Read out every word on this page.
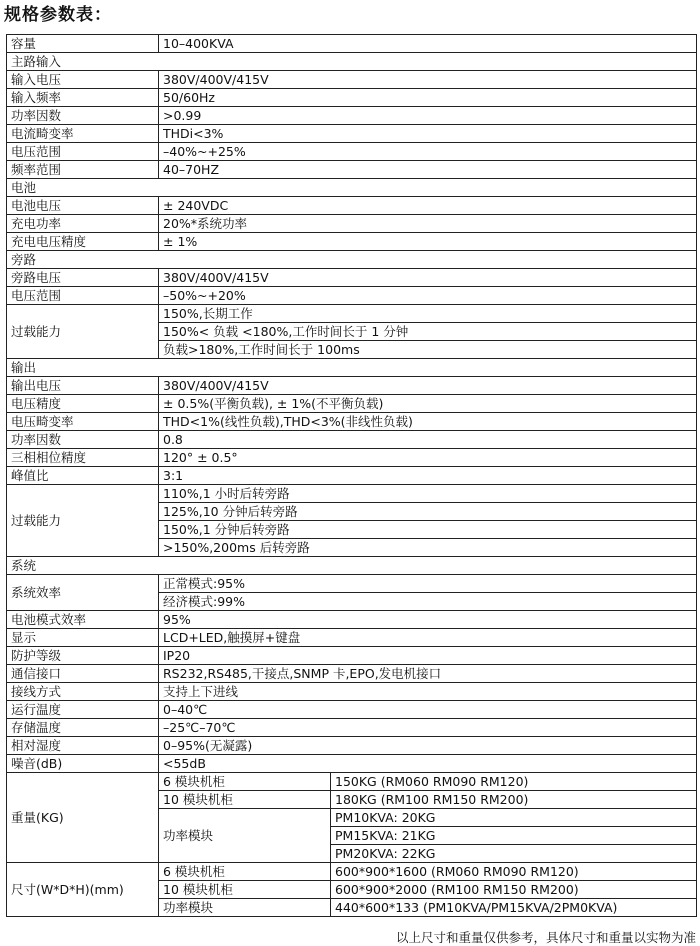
规格参数表：
容量	10–400KVA	
主路输入		
输入电压	380V/400V/415V	
输入频率	50/60Hz	
功率因数	>0.99	
电流畸变率	THDi<3%	
电压范围	–40%~+25%	
频率范围	40–70HZ	
电池		
电池电压	± 240VDC	
充电功率	20%*系统功率	
充电电压精度	± 1%	
旁路		
旁路电压	380V/400V/415V	
电压范围	–50%~+20%	
过载能力	150%,长期工作	
	150%< 负载 <180%,工作时间长于 1 分钟	
	负载>180%,工作时间长于 100ms	
输出		
输出电压	380V/400V/415V	
电压精度	± 0.5%(平衡负载), ± 1%(不平衡负载)	
电压畸变率	THD<1%(线性负载),THD<3%(非线性负载)	
功率因数	0.8	
三相相位精度	120° ± 0.5°	
峰值比	3:1	
过载能力	110%,1 小时后转旁路	
	125%,10 分钟后转旁路	
	150%,1 分钟后转旁路	
	>150%,200ms 后转旁路	
系统		
系统效率	正常模式:95%	
	经济模式:99%	
电池模式效率	95%	
显示	LCD+LED,触摸屏+键盘	
防护等级	IP20	
通信接口	RS232,RS485,干接点,SNMP 卡,EPO,发电机接口	
接线方式	支持上下进线	
运行温度	0–40℃	
存储温度	–25℃–70℃	
相对湿度	0–95%(无凝露)	
噪音(dB)	<55dB	
重量(KG)	6 模块机柜	150KG (RM060 RM090 RM120)
	10 模块机柜	180KG (RM100 RM150 RM200)
	功率模块	PM10KVA: 20KG
		PM15KVA: 21KG
		PM20KVA: 22KG
尺寸(W*D*H)(mm)	6 模块机柜	600*900*1600 (RM060 RM090 RM120)
	10 模块机柜	600*900*2000 (RM100 RM150 RM200)
	功率模块	440*600*133 (PM10KVA/PM15KVA/2PM0KVA)
以上尺寸和重量仅供参考，具体尺寸和重量以实物为准
